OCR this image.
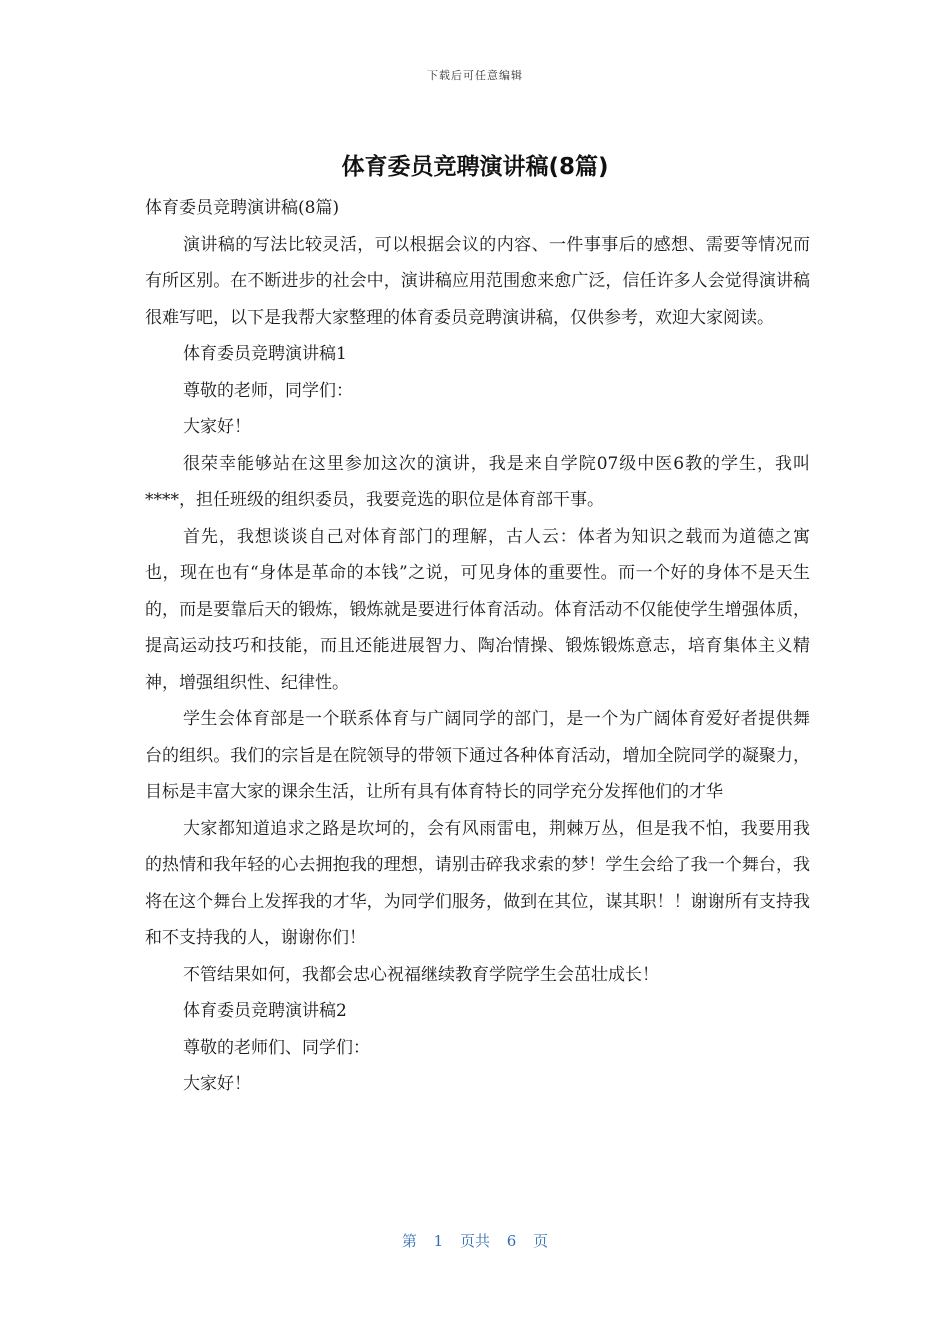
下载后可任意编辑
体育委员竞聘演讲稿(8篇)

体育委员竞聘演讲稿(8篇)

演讲稿的写法比较灵活，可以根据会议的内容、一件事事后的感想、需要等情况而有所区别。在不断进步的社会中，演讲稿应用范围愈来愈广泛，信任许多人会觉得演讲稿很难写吧，以下是我帮大家整理的体育委员竞聘演讲稿，仅供参考，欢迎大家阅读。

体育委员竞聘演讲稿1

尊敬的老师，同学们：

大家好！

很荣幸能够站在这里参加这次的演讲，我是来自学院07级中医6教的学生，我叫****，担任班级的组织委员，我要竞选的职位是体育部干事。

首先，我想谈谈自己对体育部门的理解，古人云：体者为知识之载而为道德之寓也，现在也有“身体是革命的本钱”之说，可见身体的重要性。而一个好的身体不是天生的，而是要靠后天的锻炼，锻炼就是要进行体育活动。体育活动不仅能使学生增强体质，提高运动技巧和技能，而且还能进展智力、陶冶情操、锻炼锻炼意志，培育集体主义精神，增强组织性、纪律性。

学生会体育部是一个联系体育与广阔同学的部门，是一个为广阔体育爱好者提供舞台的组织。我们的宗旨是在院领导的带领下通过各种体育活动，增加全院同学的凝聚力，目标是丰富大家的课余生活，让所有具有体育特长的同学充分发挥他们的才华

大家都知道追求之路是坎坷的，会有风雨雷电，荆棘万丛，但是我不怕，我要用我的热情和我年轻的心去拥抱我的理想，请别击碎我求索的梦！学生会给了我一个舞台，我将在这个舞台上发挥我的才华，为同学们服务，做到在其位，谋其职！！谢谢所有支持我和不支持我的人，谢谢你们！

不管结果如何，我都会忠心祝福继续教育学院学生会茁壮成长！

体育委员竞聘演讲稿2

尊敬的老师们、同学们：

大家好！

第 1 页共 6 页
